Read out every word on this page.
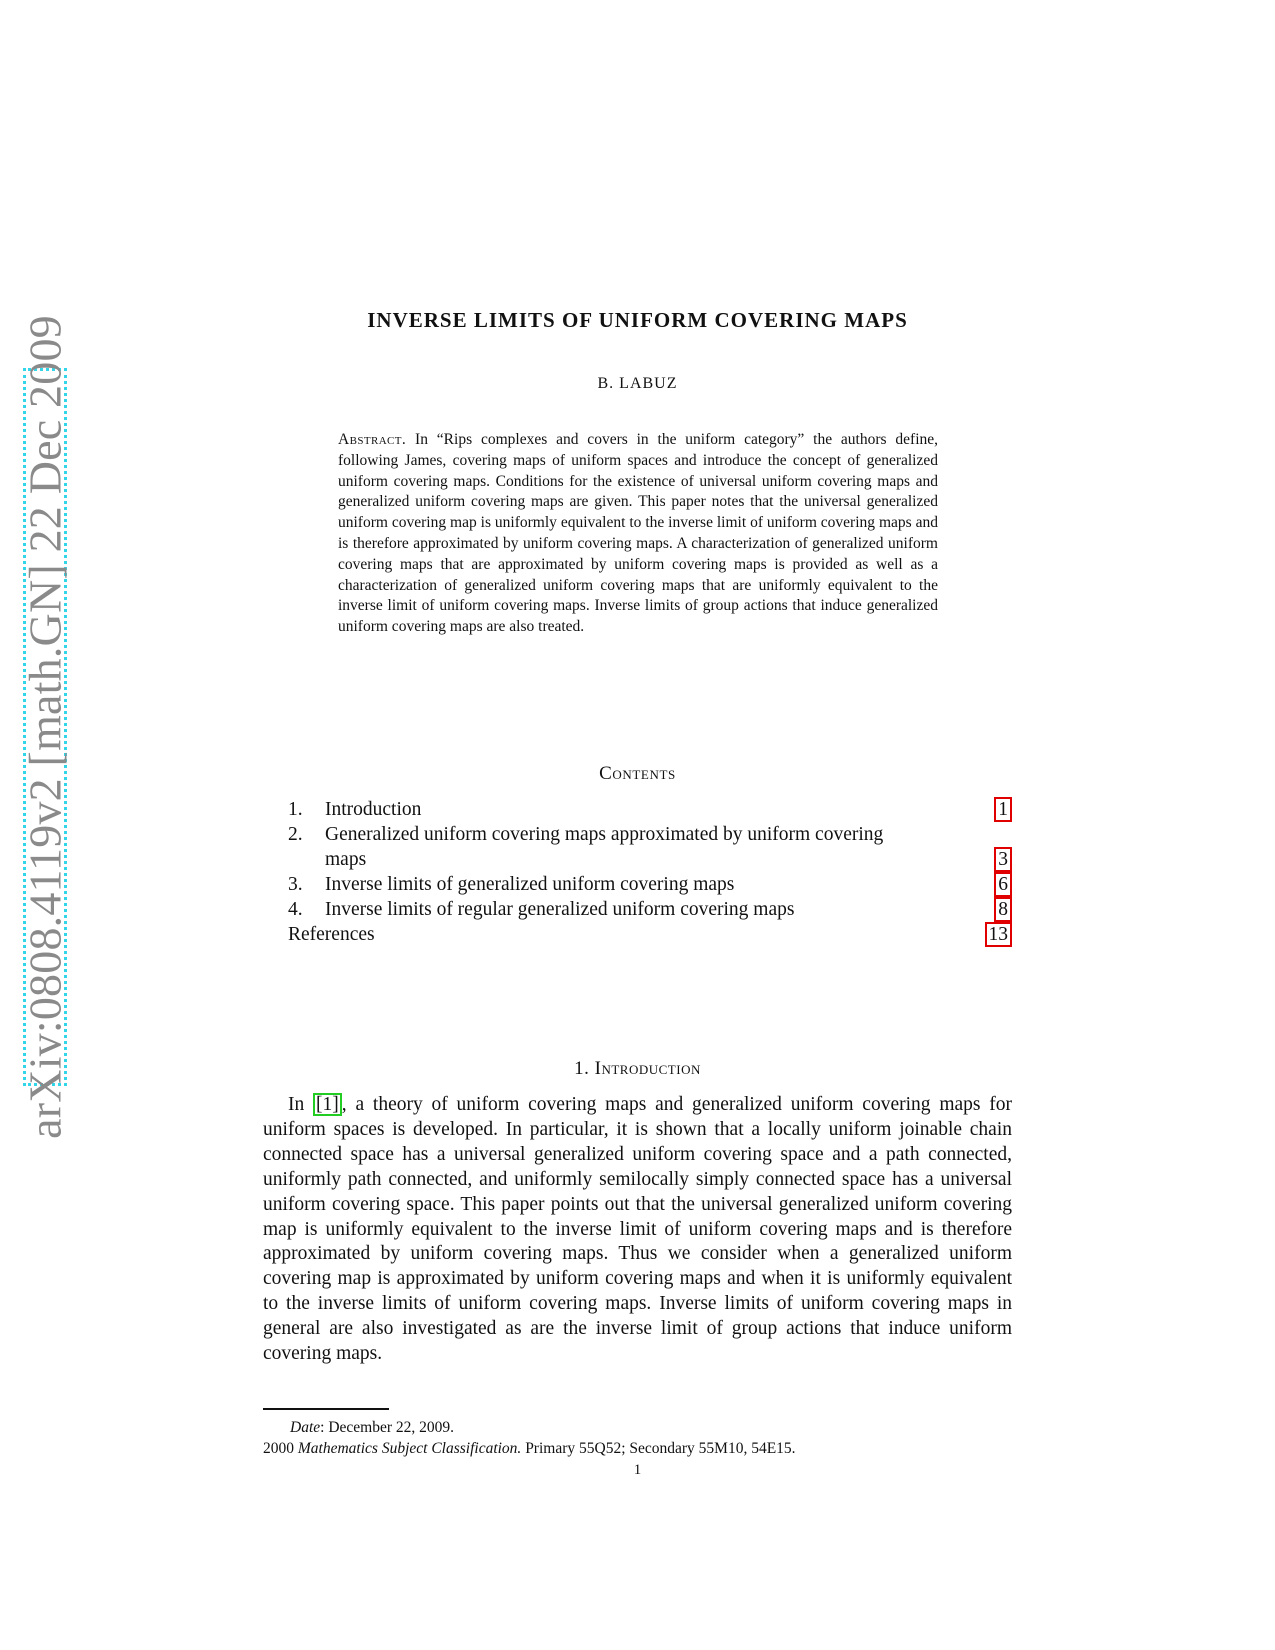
arXiv:0808.4119v2 [math.GN] 22 Dec 2009	INVERSE LIMITS OF UNIFORM COVERING MAPS
B. LABUZ
Abstract. In “Rips complexes and covers in the uniform category” the authors define, following James, covering maps of uniform spaces and introduce the concept of generalized uniform covering maps. Conditions for the existence of universal uniform covering maps and generalized uniform covering maps are given. This paper notes that the universal generalized uniform covering map is uniformly equivalent to the inverse limit of uniform covering maps and is therefore approximated by uniform covering maps. A characterization of generalized uniform covering maps that are approximated by uniform covering maps is provided as well as a characterization of generalized uniform covering maps that are uniformly equivalent to the inverse limit of uniform covering maps. Inverse limits of group actions that induce generalized uniform covering maps are also treated.
Contents
1. Introduction	1
2. Generalized uniform covering maps approximated by uniform covering
maps	3
3. Inverse limits of generalized uniform covering maps	6
4. Inverse limits of regular generalized uniform covering maps	8
References	13
1. Introduction
In [1] , a theory of uniform covering maps and generalized uniform covering maps for uniform spaces is developed. In particular, it is shown that a locally uniform joinable chain connected space has a universal generalized uniform covering space and a path connected, uniformly path connected, and uniformly semilocally simply connected space has a universal uniform covering space. This paper points out that the universal generalized uniform covering map is uniformly equivalent to the inverse limit of uniform covering maps and is therefore approximated by uniform covering maps. Thus we consider when a generalized uniform covering map is approximated by uniform covering maps and when it is uniformly equivalent to the inverse limits of uniform covering maps. Inverse limits of uniform covering maps in general are also investigated as are the inverse limit of group actions that induce uniform covering maps.
Date: December 22, 2009.
2000 Mathematics Subject Classification. Primary 55Q52; Secondary 55M10, 54E15.
1
